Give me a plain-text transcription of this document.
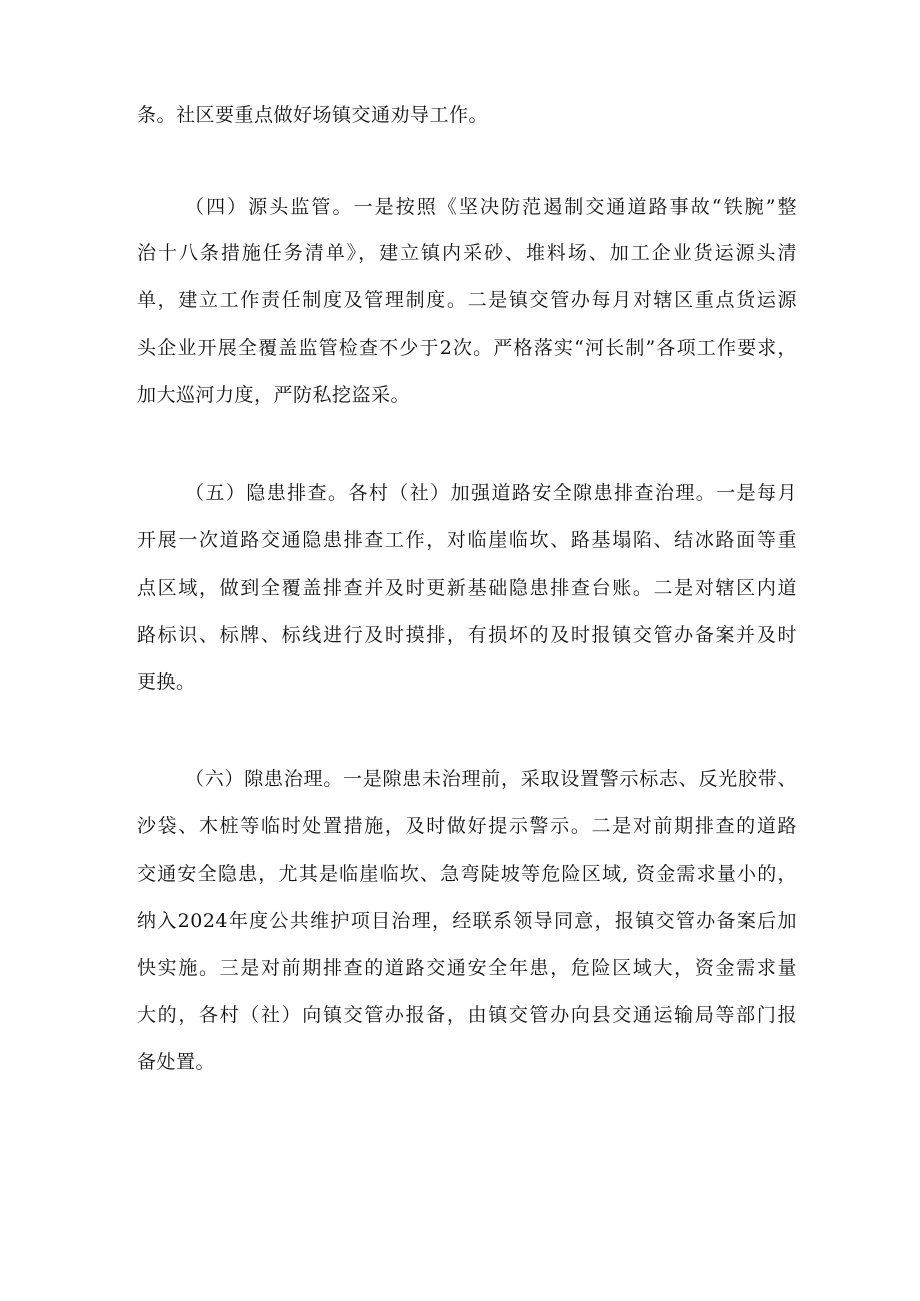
条。社区要重点做好场镇交通劝导工作。
（四）源头监管。一是按照《坚决防范遏制交通道路事故“铁腕”整
治十八条措施任务清单》，建立镇内采砂、堆料场、加工企业货运源头清
单，建立工作责任制度及管理制度。二是镇交管办每月对辖区重点货运源
头企业开展全覆盖监管检查不少于2次。严格落实“河长制”各项工作要求，
加大巡河力度，严防私挖盗采。
（五）隐患排查。各村（社）加强道路安全隙患排查治理。一是每月
开展一次道路交通隐患排查工作，对临崖临坎、路基塌陷、结冰路面等重
点区域，做到全覆盖排查并及时更新基础隐患排查台账。二是对辖区内道
路标识、标牌、标线进行及时摸排，有损坏的及时报镇交管办备案并及时
更换。
（六）隙患治理。一是隙患未治理前，采取设置警示标志、反光胶带、
沙袋、木桩等临时处置措施，及时做好提示警示。二是对前期排查的道路
交通安全隐患，尤其是临崖临坎、急弯陡坡等危险区域, 资金需求量小的，
纳入2024年度公共维护项目治理，经联系领导同意，报镇交管办备案后加
快实施。三是对前期排查的道路交通安全年患，危险区域大，资金需求量
大的，各村（社）向镇交管办报备，由镇交管办向县交通运输局等部门报
备处置。
